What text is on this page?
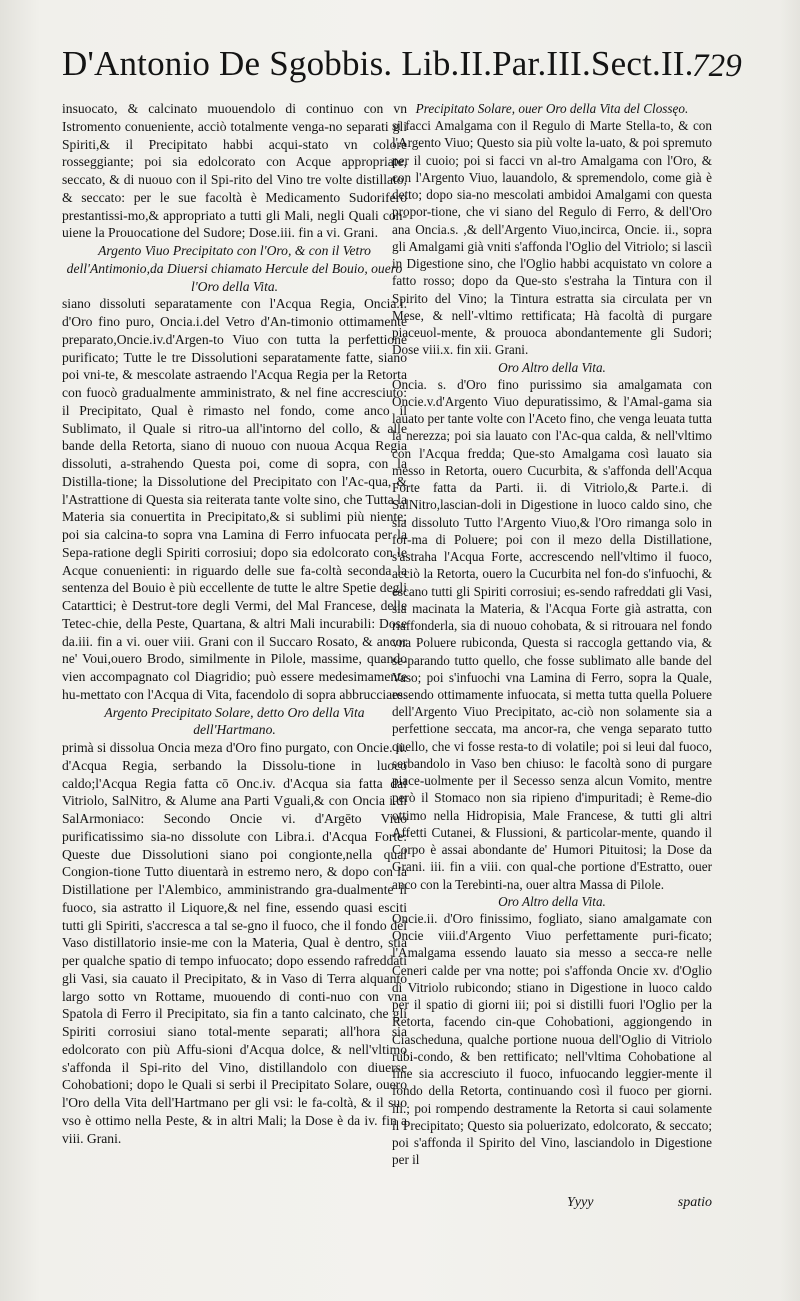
D'Antonio De Sgobbis. Lib.II.Par.III.Sect.II.
729

insuocato, & calcinato muouendolo di continuo con vn Istromento conueniente, acciò totalmente venga-no separati gli Spiriti,& il Precipitato habbi acqui-stato vn colore rosseggiante; poi sia edolcorato con Acque appropriate, seccato, & di nuouo con il Spi-rito del Vino tre volte distillato, & seccato: per le sue facoltà è Medicamento Sudorifero prestantissi-mo,& appropriato a tutti gli Mali, negli Quali con-uiene la Prouocatione del Sudore; Dose.iii. fin a vi. Grani.

Argento Viuo Precipitato con l'Oro, & con il Vetro dell'Antimonio,da Diuersi chiamato Hercule del Bouio, ouero l'Oro della Vita.

siano dissoluti separatamente con l'Acqua Regia, Oncia.i. d'Oro fino puro, Oncia.i.del Vetro d'An-timonio ottimamente preparato,Oncie.iv.d'Argen-to Viuo con tutta la perfettione purificato; Tutte le tre Dissolutioni separatamente fatte, siano poi vni-te, & mescolate astraendo l'Acqua Regia per la Retorta con fuocò gradualmente amministrato, & nel fine accresciuto: il Precipitato, Qual è rimasto nel fondo, come anco il Sublimato, il Quale si ritro-ua all'intorno del collo, & alle bande della Retorta, siano di nuouo con nuoua Acqua Regia dissoluti, a-strahendo Questa poi, come di sopra, con la Distilla-tione; la Dissolutione del Precipitato con l'Ac-qua, & l'Astrattione di Questa sia reiterata tante volte sino, che Tutta la Materia sia conuertita in Precipitato,& si sublimi più niente; poi sia calcina-to sopra vna Lamina di Ferro infuocata per la Sepa-ratione degli Spiriti corrosiui; dopo sia edolcorato con le Acque conuenienti: in riguardo delle sue fa-coltà seconda la sentenza del Bouio è più eccellente de tutte le altre Spetie degli Catarttici; è Destrut-tore degli Vermi, del Mal Francese, delle Tetec-chie, della Peste, Quartana, & altri Mali incurabili: Dose da.iii. fin a vi. ouer viii. Grani con il Succaro Rosato, & ancor ne' Voui,ouero Brodo, similmente in Pilole, massime, quando vien accompagnato col Diagridio; può essere medesimamente hu-mettato con l'Acqua di Vita, facendolo di sopra abbrucciare.

Argento Precipitato Solare, detto Oro della Vita dell'Hartmano.

primà si dissolua Oncia meza d'Oro fino purgato, con Oncie. ii. d'Acqua Regia, serbando la Dissolu-tione in luoco caldo;l'Acqua Regia fatta cō Onc.iv. d'Acqua sia fatta dal Vitriolo, SalNitro, & Alume ana Parti Vguali,& con Oncia i.di SalArmoniaco: Secondo Oncie vi. d'Argēto Viuo purificatissimo sia-no dissolute con Libra.i. d'Acqua Forte: Queste due Dissolutioni siano poi congionte,nella qual Congion-tione Tutto diuentarà in estremo nero, & dopo con la Distillatione per l'Alembico, amministrando gra-dualmente il fuoco, sia astratto il Liquore,& nel fine, essendo quasi esciti tutti gli Spiriti, s'accresca a tal se-gno il fuoco, che il fondo del Vaso distillatorio insie-me con la Materia, Qual è dentro, stia per qualche spatio di tempo infuocato; dopo essendo rafreddati gli Vasi, sia cauato il Precipitato, & in Vaso di Terra alquanto largo sotto vn Rottame, muouendo di conti-nuo con vna Spatola di Ferro il Precipitato, sia fin a tanto calcinato, che gli Spiriti corrosiui siano total-mente separati; all'hora sia edolcorato con più Affu-sioni d'Acqua dolce, & nell'vltimo s'affonda il Spi-rito del Vino, distillandolo con diuerse Cohobationi; dopo le Quali si serbi il Precipitato Solare, ouero l'Oro della Vita dell'Hartmano per gli vsi: le fa-coltà, & il suo vso è ottimo nella Peste, & in altri Mali; la Dose è da iv. fin a viii. Grani.

Precipitato Solare, ouer Oro della Vita del Clossęo.

si facci Amalgama con il Regulo di Marte Stella-to, & con l'Argento Viuo; Questo sia più volte la-uato, & poi spremuto per il cuoio; poi si facci vn al-tro Amalgama con l'Oro, & con l'Argento Viuo, lauandolo, & spremendolo, come già è detto; dopo sia-no mescolati ambidoi Amalgami con questa propor-tione, che vi siano del Regulo di Ferro, & dell'Oro ana Oncia.s. ,& dell'Argento Viuo,incirca, Oncie. ii., sopra gli Amalgami già vniti s'affonda l'Oglio del Vitriolo; si lasciì in Digestione sino, che l'Oglio habbi acquistato vn colore a fatto rosso; dopo da Que-sto s'estraha la Tintura con il Spirito del Vino; la Tintura estratta sia circulata per vn Mese, & nell'-vltimo rettificata; Hà facoltà di purgare piaceuol-mente, & prouoca abondantemente gli Sudori; Dose viii.x. fin xii. Grani.

Oro Altro della Vita.

Oncia. s. d'Oro fino purissimo sia amalgamata con Oncie.v.d'Argento Viuo depuratissimo, & l'Amal-gama sia lauato per tante volte con l'Aceto fino, che venga leuata tutta la nerezza; poi sia lauato con l'Ac-qua calda, & nell'vltimo con l'Acqua fredda; Que-sto Amalgama così lauato sia messo in Retorta, ouero Cucurbita, & s'affonda dell'Acqua Forte fatta da Parti. ii. di Vitriolo,& Parte.i. di SalNitro,lascian-doli in Digestione in luoco caldo sino, che sia dissoluto Tutto l'Argento Viuo,& l'Oro rimanga solo in for-ma di Poluere; poi con il mezo della Distillatione, s'astraha l'Acqua Forte, accrescendo nell'vltimo il fuoco, acciò la Retorta, ouero la Cucurbita nel fon-do s'infuochi, & escano tutti gli Spiriti corrosiui; es-sendo rafreddati gli Vasi, sia macinata la Materia, & l'Acqua Forte già astratta, con riaffonderla, sia di nuouo cohobata, & si ritrouara nel fondo vna Poluere rubiconda, Questa si raccogla gettando via, & se-parando tutto quello, che fosse sublimato alle bande del Vaso; poi s'infuochi vna Lamina di Ferro, sopra la Quale, essendo ottimamente infuocata, si metta tutta quella Poluere dell'Argento Viuo Precipitato, ac-ciò non solamente sia a perfettione seccata, ma ancor-ra, che venga separato tutto quello, che vi fosse resta-to di volatile; poi si leui dal fuoco, serbandolo in Vaso ben chiuso: le facoltà sono di purgare piace-uolmente per il Secesso senza alcun Vomito, mentre però il Stomaco non sia ripieno d'impuritadi; è Reme-dio ottimo nella Hidropisia, Male Francese, & tutti gli altri Affetti Cutanei, & Flussioni, & particolar-mente, quando il Corpo è assai abondante de' Humori Pituitosi; la Dose da Grani. iii. fin a viii. con qual-che portione d'Estratto, ouer anco con la Terebinti-na, ouer altra Massa di Pilole.

Oro Altro della Vita.

Oncie.ii. d'Oro finissimo, fogliato, siano amalgamate con Oncie viii.d'Argento Viuo perfettamente puri-ficato; l'Amalgama essendo lauato sia messo a secca-re nelle Ceneri calde per vna notte; poi s'affonda Oncie xv. d'Oglio di Vitriolo rubicondo; stiano in Digestione in luoco caldo per il spatio di giorni iii; poi si distilli fuori l'Oglio per la Retorta, facendo cin-que Cohobationi, aggiongendo in Ciascheduna, qualche portione nuoua dell'Oglio di Vitriolo rubi-condo, & ben rettificato; nell'vltima Cohobatione al fine sia accresciuto il fuoco, infuocando leggier-mente il fondo della Retorta, continuando così il fuoco per giorni. iii.; poi rompendo destramente la Retorta si caui solamente il Precipitato; Questo sia poluerizato, edolcorato, & seccato; poi s'affonda il Spirito del Vino, lasciandolo in Digestione per il

Yyyy	spatio
